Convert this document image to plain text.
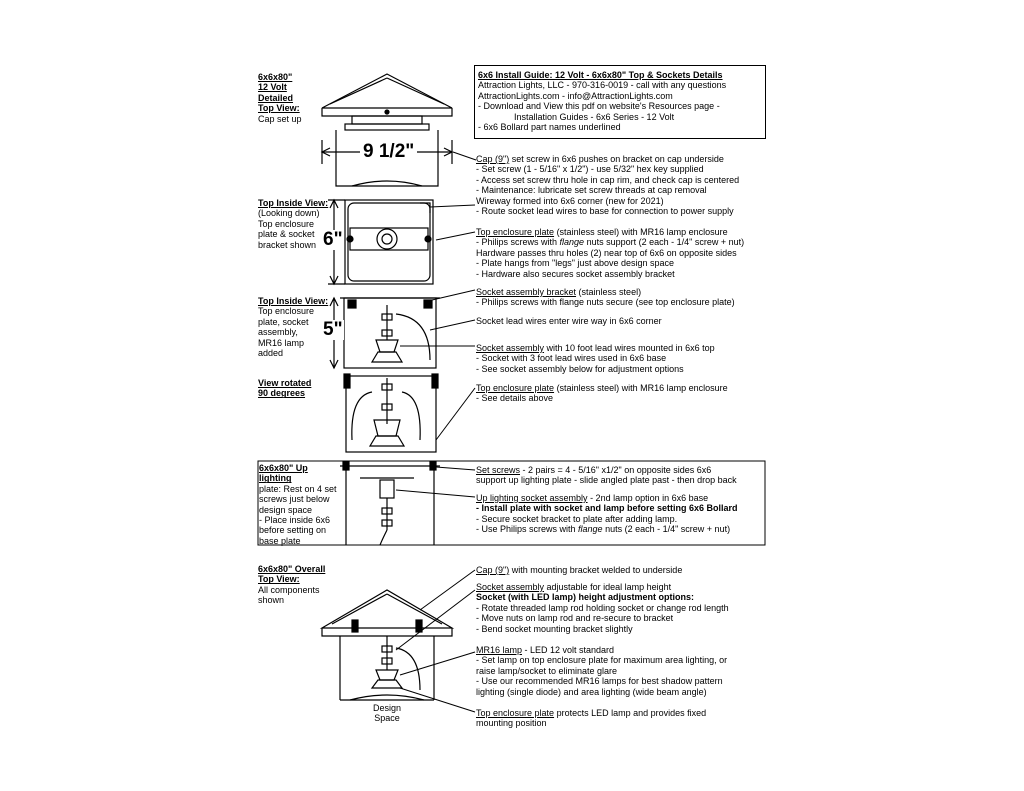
9 1/2"
6"
5"
6x6x80"
12 Volt
Detailed
Top View:
Cap set up
Top Inside View:
(Looking down)
Top enclosure
plate & socket
bracket shown
Top Inside View:
Top enclosure
plate, socket
assembly,
MR16 lamp
added
View rotated
90 degrees
6x6x80" Up lighting
plate: Rest on 4 set
screws just below
design space
- Place inside 6x6
before setting on
base plate
6x6x80" Overall
Top View:
All components
shown
Design
Space
6x6 Install Guide: 12 Volt - 6x6x80" Top & Sockets Details
Attraction Lights, LLC - 970-316-0019 - call with any questions
AttractionLights.com - info@AttractionLights.com
- Download and View this pdf on website's Resources page -
Installation Guides - 6x6 Series - 12 Volt
- 6x6 Bollard part names underlined
Cap (9") set screw in 6x6 pushes on bracket on cap underside
- Set screw (1 - 5/16" x 1/2") - use 5/32" hex key supplied
- Access set screw thru hole in cap rim, and check cap is centered
- Maintenance: lubricate set screw threads at cap removal
Wireway formed into 6x6 corner (new for 2021)
- Route socket lead wires to base for connection to power supply
Top enclosure plate (stainless steel) with MR16 lamp enclosure
- Philips screws with flange nuts support (2 each - 1/4" screw + nut)
Hardware passes thru holes (2) near top of 6x6 on opposite sides
- Plate hangs from "legs" just above design space
- Hardware also secures socket assembly bracket
Socket assembly bracket (stainless steel)
- Philips screws with flange nuts secure (see top enclosure plate)
Socket lead wires enter wire way in 6x6 corner
Socket assembly with 10 foot lead wires mounted in 6x6 top
- Socket with 3 foot lead wires used in 6x6 base
- See socket assembly below for adjustment options
Top enclosure plate (stainless steel) with MR16 lamp enclosure
- See details above
Set screws - 2 pairs = 4 - 5/16" x1/2" on opposite sides 6x6
support up lighting plate - slide angled plate past - then drop back
Up lighting socket assembly - 2nd lamp option in 6x6 base
- Install plate with socket and lamp before setting 6x6 Bollard
- Secure socket bracket to plate after adding lamp.
- Use Philips screws with flange nuts (2 each - 1/4" screw + nut)
Cap (9") with mounting bracket welded to underside
Socket assembly adjustable for ideal lamp height
Socket (with LED lamp) height adjustment options:
- Rotate threaded lamp rod holding socket or change rod length
- Move nuts on lamp rod and re-secure to bracket
- Bend socket mounting bracket slightly
MR16 lamp - LED 12 volt standard
- Set lamp on top enclosure plate for maximum area lighting, or
raise lamp/socket to eliminate glare
- Use our recommended MR16 lamps for best shadow pattern
lighting (single diode) and area lighting (wide beam angle)
Top enclosure plate protects LED lamp and provides fixed
mounting position
